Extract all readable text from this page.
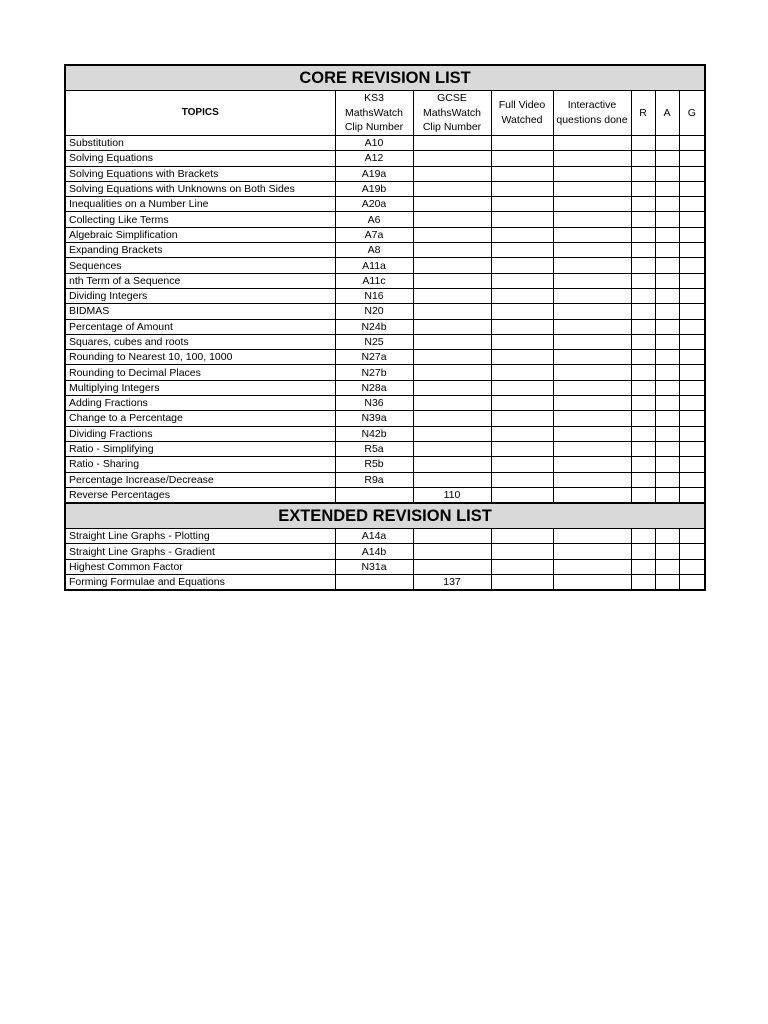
CORE REVISION LIST							
TOPICS	KS3 MathsWatch Clip Number	GCSE MathsWatch Clip Number	Full Video Watched	Interactive questions done	R	A	G
Substitution	A10						
Solving Equations	A12						
Solving Equations with Brackets	A19a						
Solving Equations with Unknowns on Both Sides	A19b						
Inequalities on a Number Line	A20a						
Collecting Like Terms	A6						
Algebraic Simplification	A7a						
Expanding Brackets	A8						
Sequences	A11a						
nth Term of a Sequence	A11c						
Dividing Integers	N16						
BIDMAS	N20						
Percentage of Amount	N24b						
Squares, cubes and roots	N25						
Rounding to Nearest 10, 100, 1000	N27a						
Rounding to Decimal Places	N27b						
Multiplying Integers	N28a						
Adding Fractions	N36						
Change to a Percentage	N39a						
Dividing Fractions	N42b						
Ratio - Simplifying	R5a						
Ratio - Sharing	R5b						
Percentage Increase/Decrease	R9a						
Reverse Percentages		110					
EXTENDED REVISION LIST							
Straight Line Graphs - Plotting	A14a						
Straight Line Graphs - Gradient	A14b						
Highest Common Factor	N31a						
Forming Formulae and Equations		137					
